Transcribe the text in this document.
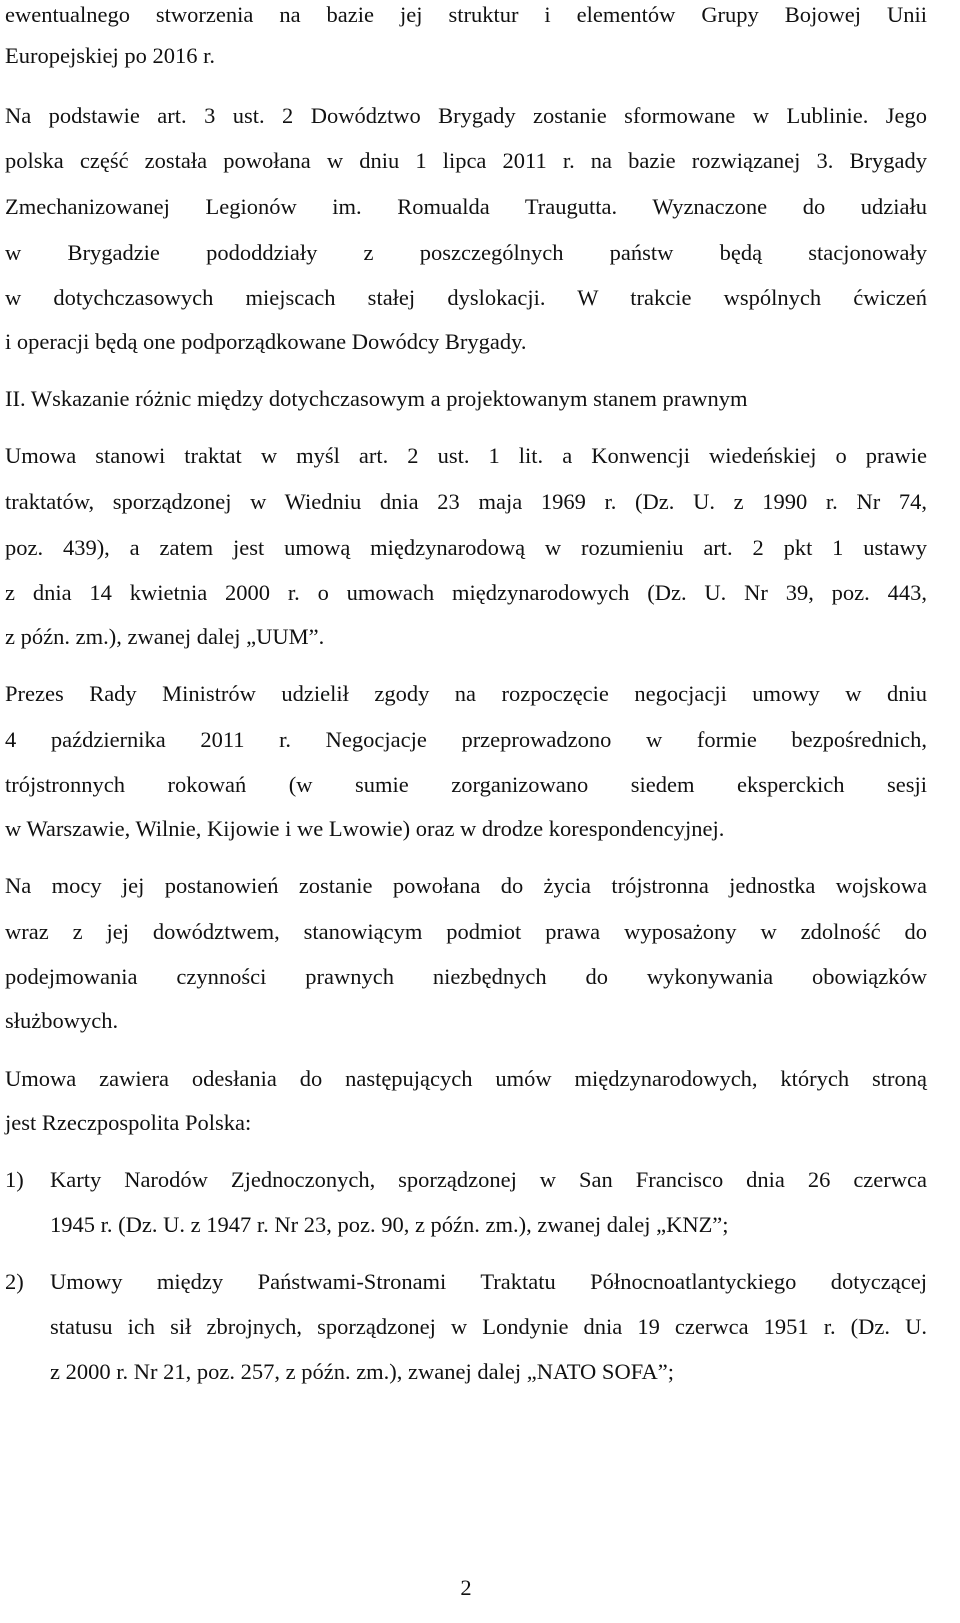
ewentualnego stworzenia na bazie jej struktur i elementów Grupy Bojowej Unii
Europejskiej po 2016 r.
Na podstawie art. 3 ust. 2 Dowództwo Brygady zostanie sformowane w Lublinie. Jego
polska część została powołana w dniu 1 lipca 2011 r. na bazie rozwiązanej 3. Brygady
Zmechanizowanej Legionów im. Romualda Traugutta. Wyznaczone do udziału
w Brygadzie pododdziały z poszczególnych państw będą stacjonowały
w dotychczasowych miejscach stałej dyslokacji. W trakcie wspólnych ćwiczeń
i operacji będą one podporządkowane Dowódcy Brygady.
II. Wskazanie różnic między dotychczasowym a projektowanym stanem prawnym
Umowa stanowi traktat w myśl art. 2 ust. 1 lit. a Konwencji wiedeńskiej o prawie
traktatów, sporządzonej w Wiedniu dnia 23 maja 1969 r. (Dz. U. z 1990 r. Nr 74,
poz. 439), a zatem jest umową międzynarodową w rozumieniu art. 2 pkt 1 ustawy
z dnia 14 kwietnia 2000 r. o umowach międzynarodowych (Dz. U. Nr 39, poz. 443,
z późn. zm.), zwanej dalej „UUM”.
Prezes Rady Ministrów udzielił zgody na rozpoczęcie negocjacji umowy w dniu
4 października 2011 r. Negocjacje przeprowadzono w formie bezpośrednich,
trójstronnych rokowań (w sumie zorganizowano siedem eksperckich sesji
w Warszawie, Wilnie, Kijowie i we Lwowie) oraz w drodze korespondencyjnej.
Na mocy jej postanowień zostanie powołana do życia trójstronna jednostka wojskowa
wraz z jej dowództwem, stanowiącym podmiot prawa wyposażony w zdolność do
podejmowania czynności prawnych niezbędnych do wykonywania obowiązków
służbowych.
Umowa zawiera odesłania do następujących umów międzynarodowych, których stroną
jest Rzeczpospolita Polska:
1)	Karty Narodów Zjednoczonych, sporządzonej w San Francisco dnia 26 czerwca
1945 r. (Dz. U. z 1947 r. Nr 23, poz. 90, z późn. zm.), zwanej dalej „KNZ”;
2)	Umowy między Państwami-Stronami Traktatu Północnoatlantyckiego dotyczącej
statusu ich sił zbrojnych, sporządzonej w Londynie dnia 19 czerwca 1951 r. (Dz. U.
z 2000 r. Nr 21, poz. 257, z późn. zm.), zwanej dalej „NATO SOFA”;
2
